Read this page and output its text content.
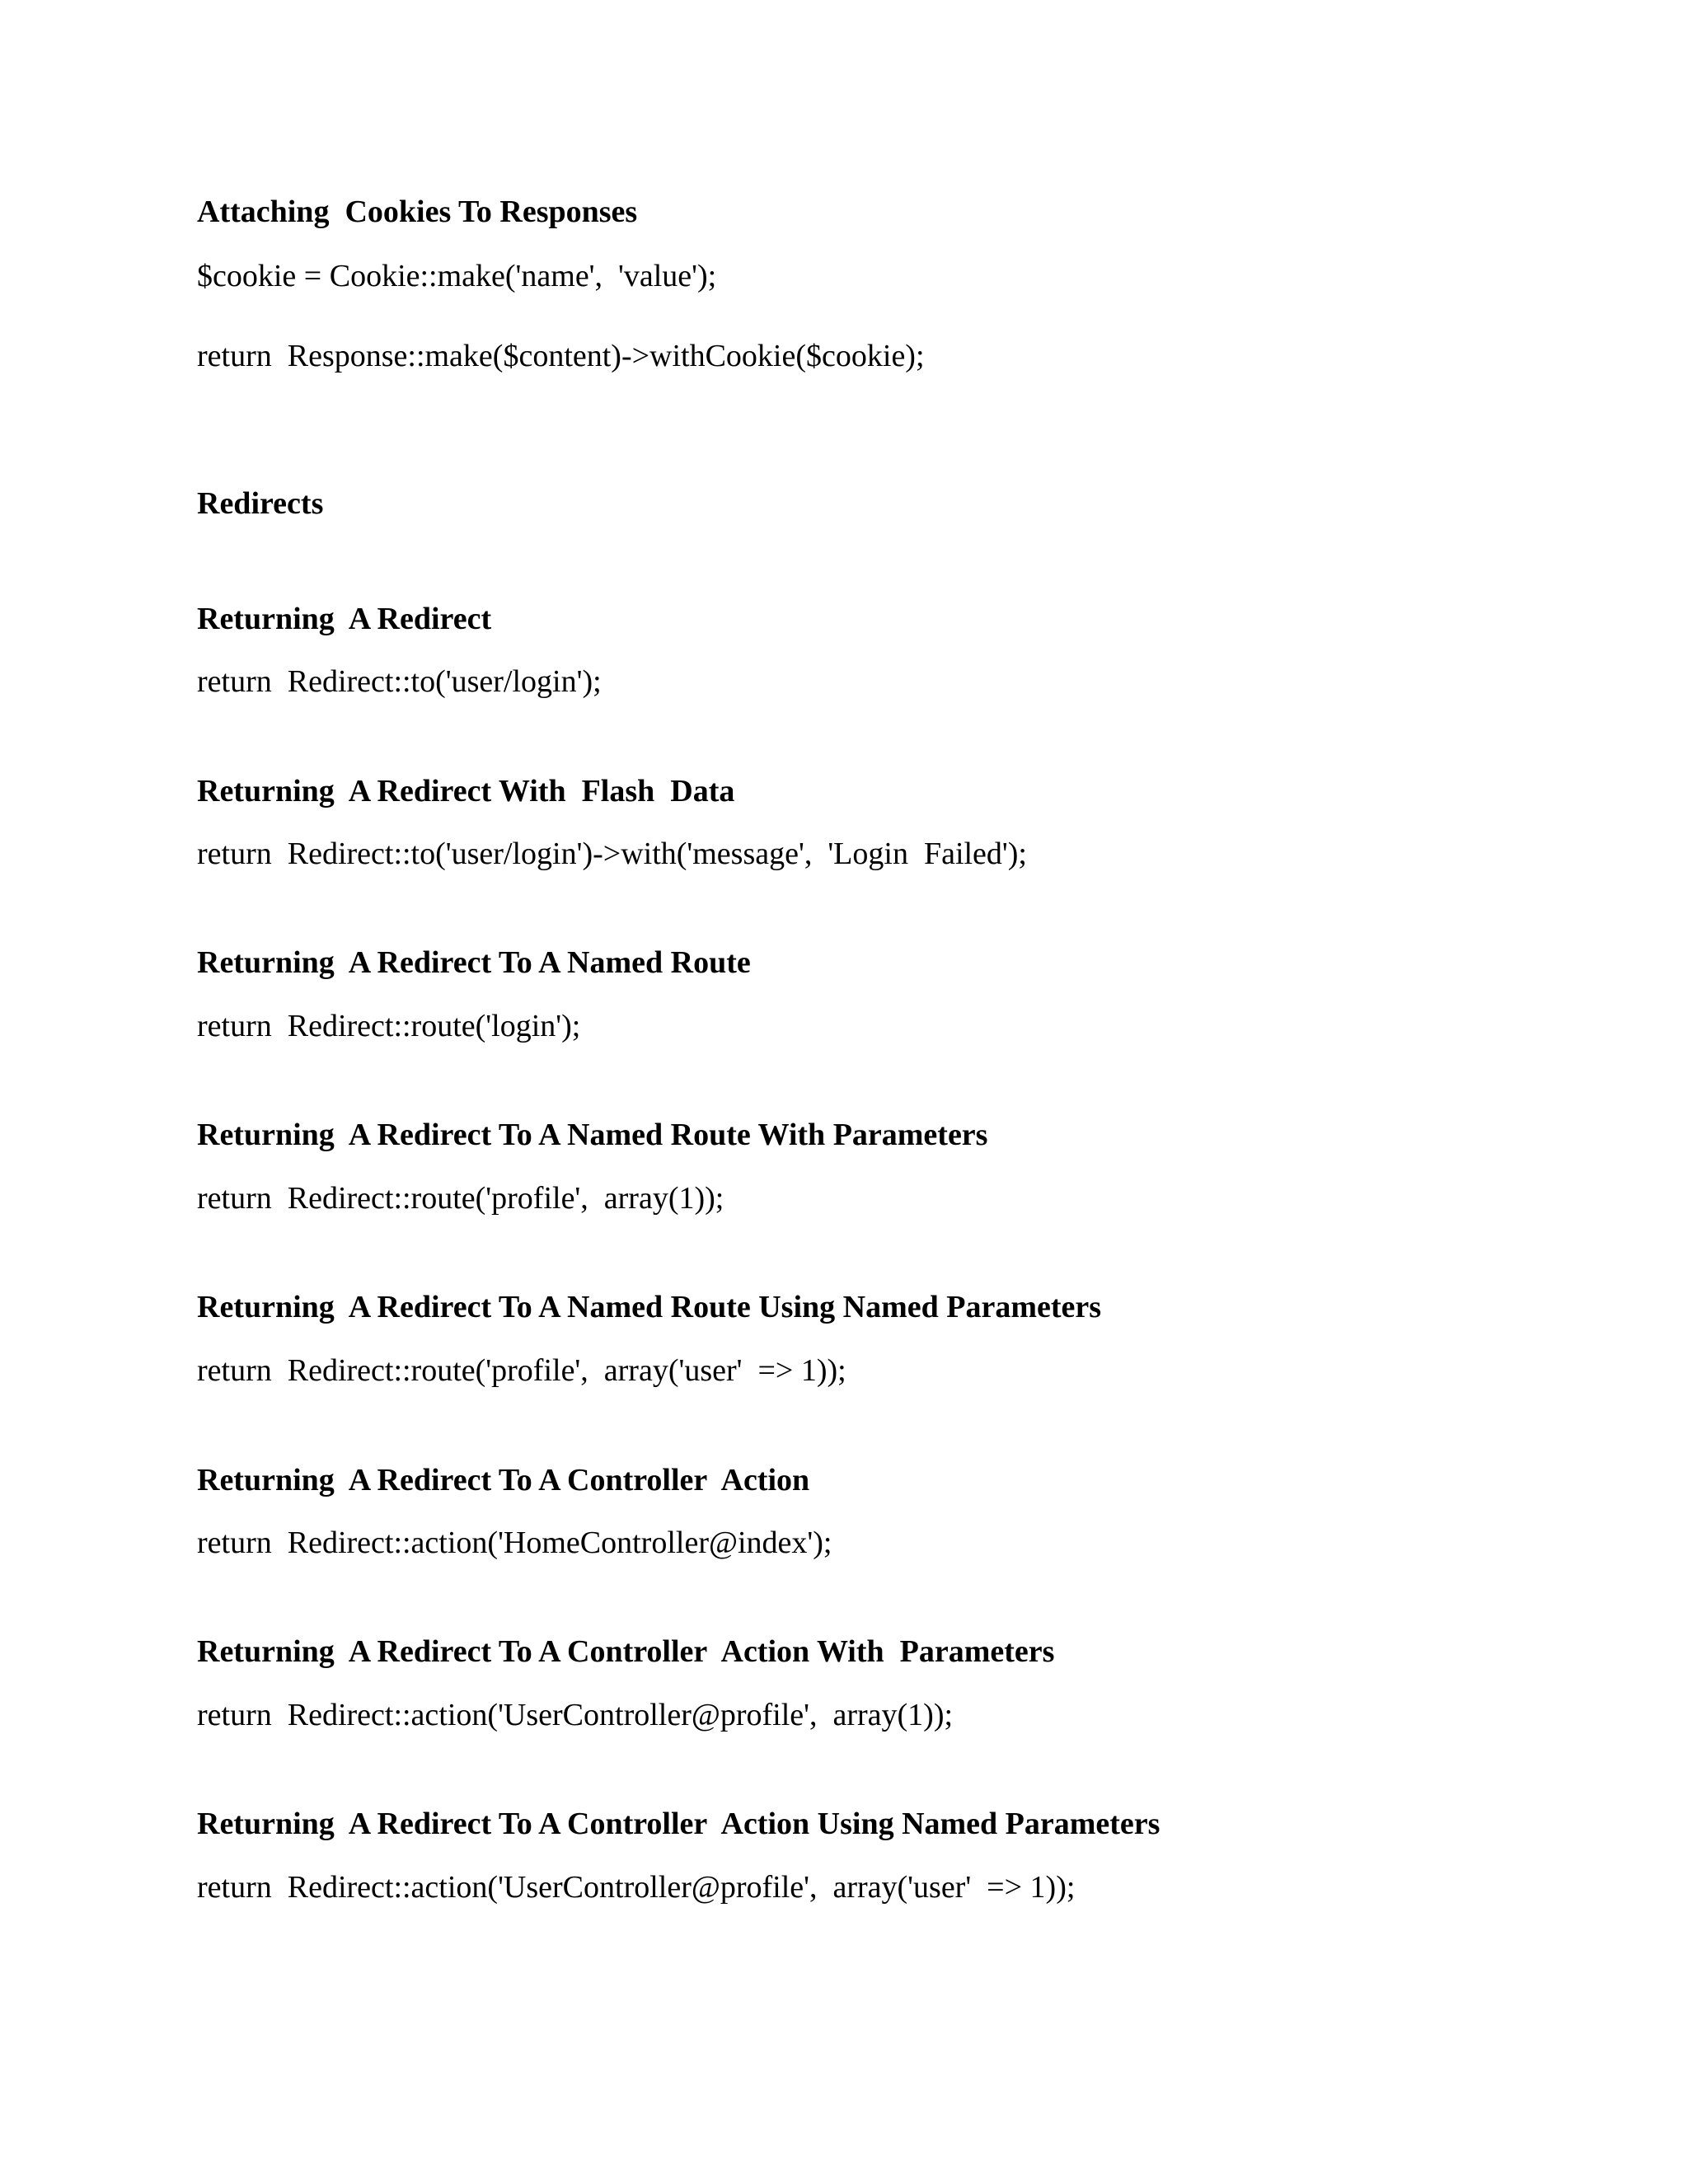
Attaching  Cookies To Responses
$cookie = Cookie::make('name',  'value');
return  Response::make($content)->withCookie($cookie);
Redirects
Returning  A Redirect
return  Redirect::to('user/login');
Returning  A Redirect With  Flash  Data
return  Redirect::to('user/login')->with('message',  'Login  Failed');
Returning  A Redirect To A Named Route
return  Redirect::route('login');
Returning  A Redirect To A Named Route With Parameters
return  Redirect::route('profile',  array(1));
Returning  A Redirect To A Named Route Using Named Parameters
return  Redirect::route('profile',  array('user'  => 1));
Returning  A Redirect To A Controller  Action
return  Redirect::action('HomeController@index');
Returning  A Redirect To A Controller  Action With  Parameters
return  Redirect::action('UserController@profile',  array(1));
Returning  A Redirect To A Controller  Action Using Named Parameters
return  Redirect::action('UserController@profile',  array('user'  => 1));
